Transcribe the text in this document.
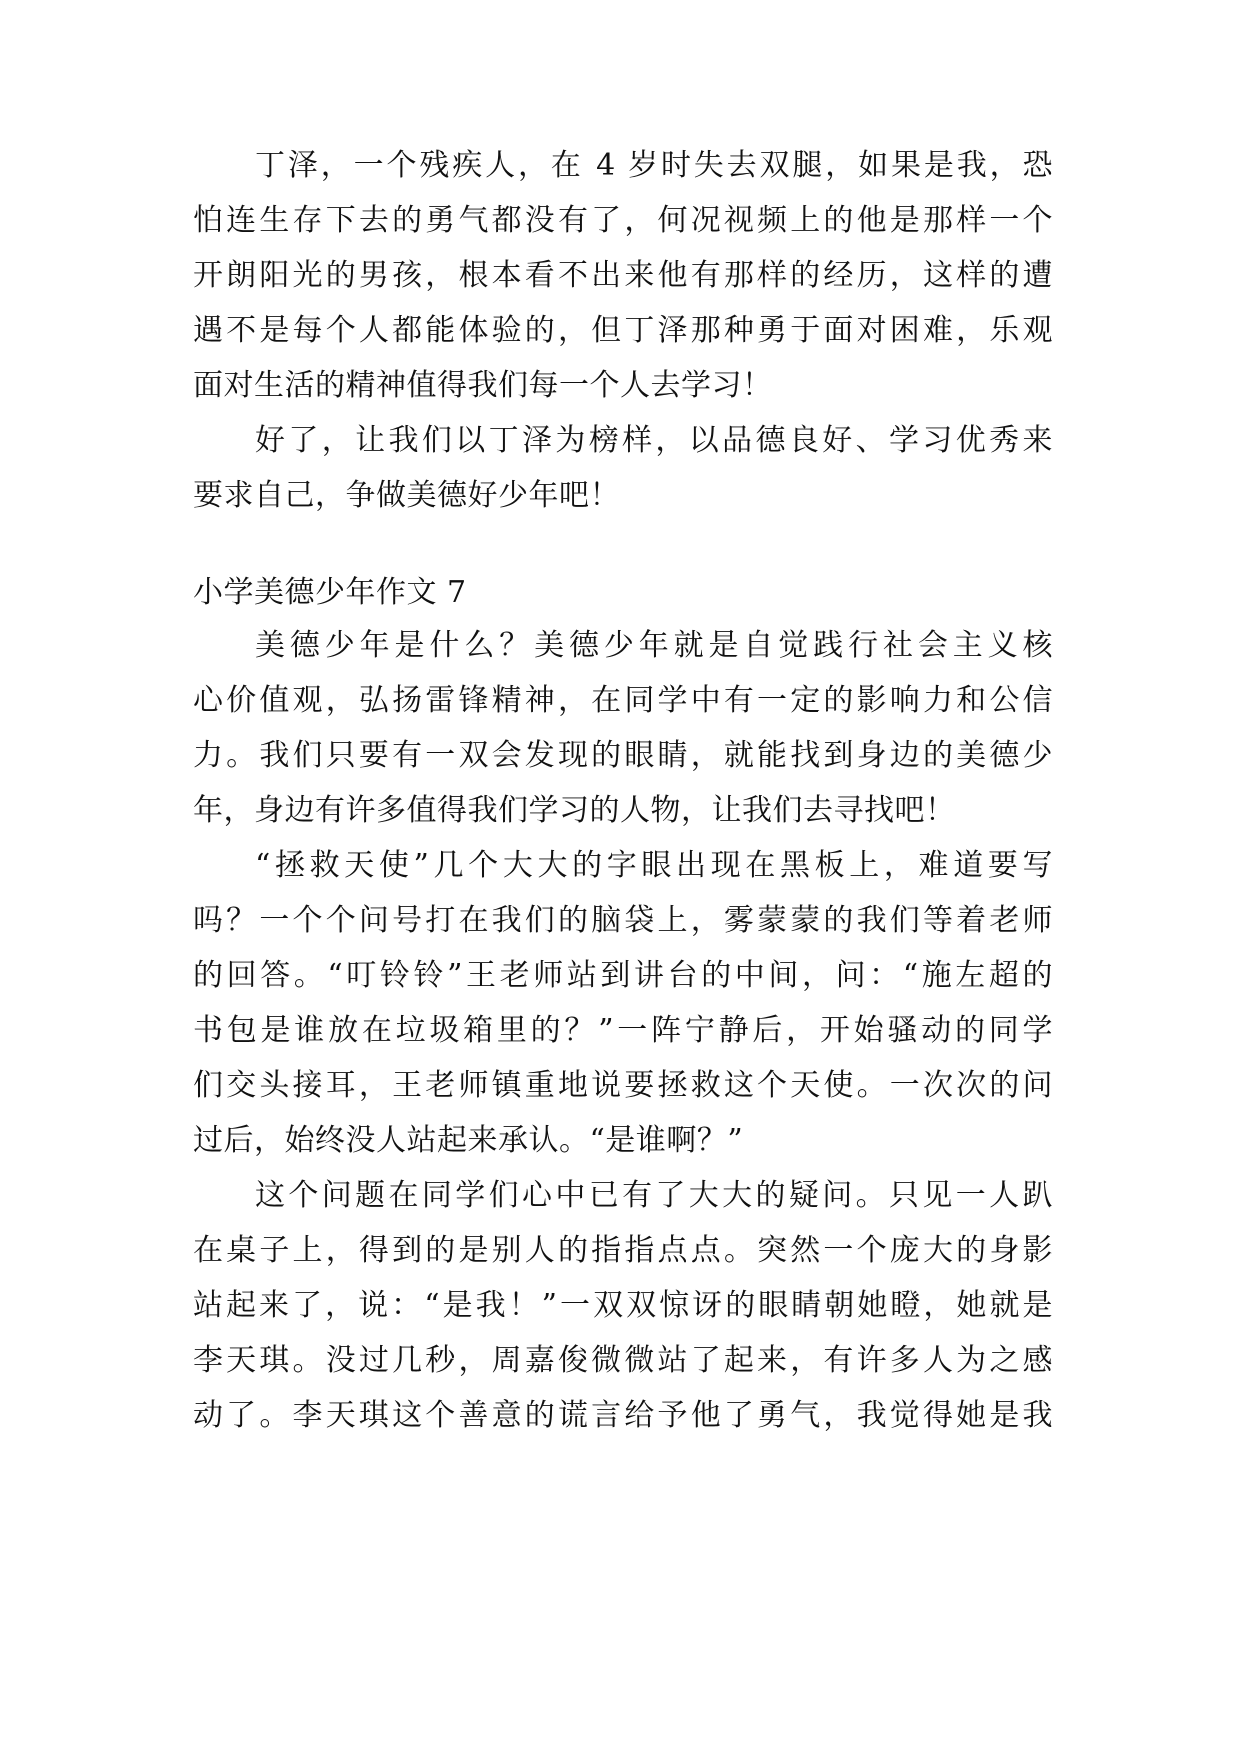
丁泽，一个残疾人，在 4 岁时失去双腿，如果是我，恐
怕连生存下去的勇气都没有了，何况视频上的他是那样一个
开朗阳光的男孩，根本看不出来他有那样的经历，这样的遭
遇不是每个人都能体验的，但丁泽那种勇于面对困难，乐观
面对生活的精神值得我们每一个人去学习！
好了，让我们以丁泽为榜样，以品德良好、学习优秀来
要求自己，争做美德好少年吧！
小学美德少年作文 7
美德少年是什么？美德少年就是自觉践行社会主义核
心价值观，弘扬雷锋精神，在同学中有一定的影响力和公信
力。我们只要有一双会发现的眼睛，就能找到身边的美德少
年，身边有许多值得我们学习的人物，让我们去寻找吧！
“拯救天使”几个大大的字眼出现在黑板上，难道要写
吗？一个个问号打在我们的脑袋上，雾蒙蒙的我们等着老师
的回答。“叮铃铃”王老师站到讲台的中间，问：“施左超的
书包是谁放在垃圾箱里的？”一阵宁静后，开始骚动的同学
们交头接耳，王老师镇重地说要拯救这个天使。一次次的问
过后，始终没人站起来承认。“是谁啊？”
这个问题在同学们心中已有了大大的疑问。只见一人趴
在桌子上，得到的是别人的指指点点。突然一个庞大的身影
站起来了，说：“是我！”一双双惊讶的眼睛朝她瞪，她就是
李天琪。没过几秒，周嘉俊微微站了起来，有许多人为之感
动了。李天琪这个善意的谎言给予他了勇气，我觉得她是我
